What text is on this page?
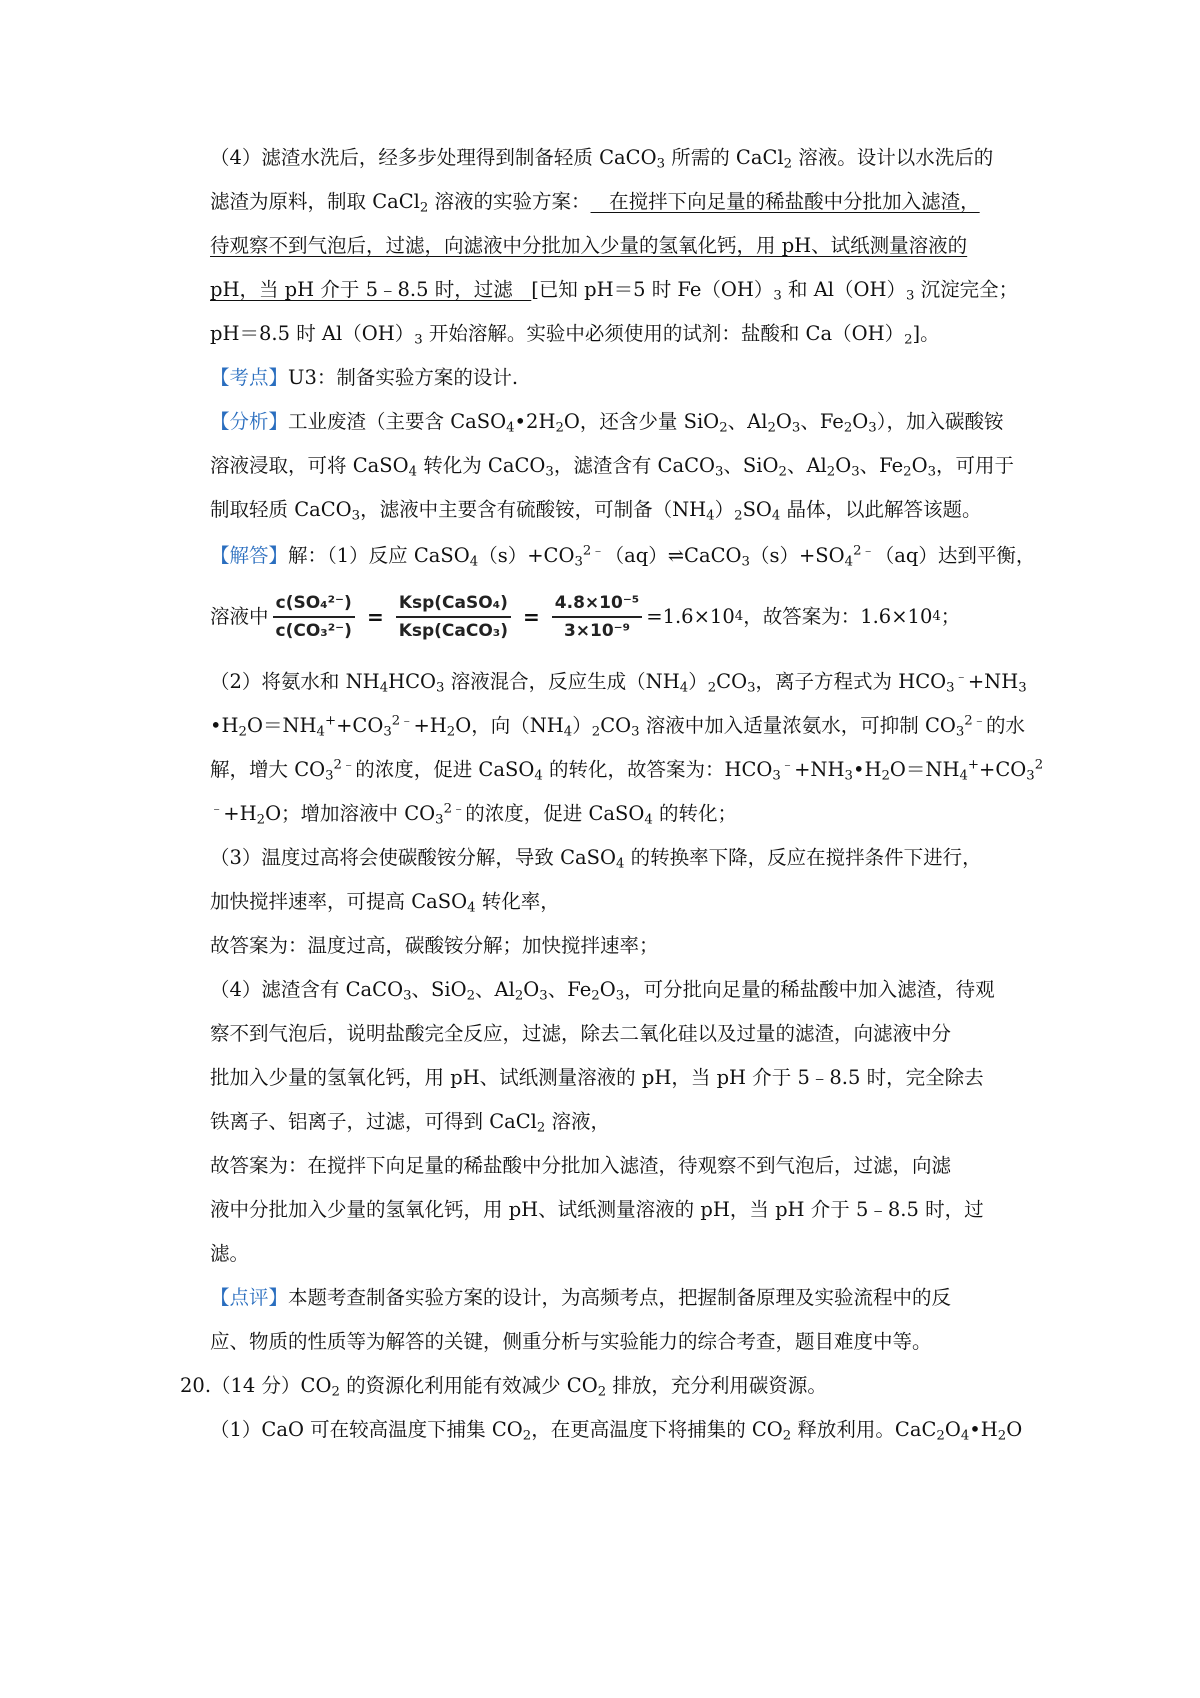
（4）滤渣水洗后，经多步处理得到制备轻质 CaCO$_3$ 所需的 CaCl$_2$ 溶液。设计以水洗后的
滤渣为原料，制取 CaCl$_2$ 溶液的实验方案：   在搅拌下向足量的稀盐酸中分批加入滤渣，
待观察不到气泡后，过滤，向滤液中分批加入少量的氢氧化钙，用 pH、试纸测量溶液的
pH，当 pH 介于 5﹣8.5 时，过滤   [已知 pH＝5 时 $Fe(OH)_3$ 和 $Al(OH)_3$ 沉淀完全；
pH＝8.5 时 $Al(OH)_3$ 开始溶解。实验中必须使用的试剂：盐酸和 $Ca(OH)_2$]。
【考点】U3：制备实验方案的设计.
【分析】工业废渣（主要含 $CaSO_4•2H_2O$，还含少量 SiO$_2$、$Al_2O_3$、$Fe_2O_3$），加入碳酸铵
溶液浸取，可将 CaSO$_4$ 转化为 CaCO$_3$，滤渣含有 CaCO$_3$、SiO$_2$、$Al_2O_3$、$Fe_2O_3$，可用于
制取轻质 CaCO$_3$，滤液中主要含有硫酸铵，可制备$(NH_4)_2SO_4$ 晶体，以此解答该题。
【解答】解：（1）反应 $CaSO_4(s)+CO_3^{2﹣}(aq)\rightleftharpoons CaCO_3(s)+SO_4^{2﹣}(aq)$达到平衡，
溶液中 $\frac{\text{c(SO₄²⁻)}}{\text{c(CO₃²⁻)}} = \frac{\text{Ksp(CaSO₄)}}{\text{Ksp(CaCO₃)}} = \frac{\text{4.8×10⁻⁵}}{\text{3×10⁻⁹}} =1.6\times 10$ 4 ，故答案为：1.6×10 4 ；
（2）将氨水和 $NH_4HCO_3$ 溶液混合，反应生成$(NH_4)_2CO_3$，离子方程式为 $HCO_3^﹣+NH_3$
$•H_2O=NH_4^++CO_3^{2﹣}+H_2O$，向$(NH_4)_2CO_3$ 溶液中加入适量浓氨水，可抑制 $CO_3^{2﹣}$的水
解，增大 $CO_3^{2﹣}$的浓度，促进 CaSO$_4$ 的转化，故答案为：$HCO_3^﹣+NH_3•H_2O=NH_4^++CO_3^2$
$^﹣+H_2O$；增加溶液中 $CO_3^{2﹣}$的浓度，促进 CaSO$_4$ 的转化；
（3）温度过高将会使碳酸铵分解，导致 CaSO$_4$ 的转换率下降，反应在搅拌条件下进行，
加快搅拌速率，可提高 CaSO$_4$ 转化率，
故答案为：温度过高，碳酸铵分解；加快搅拌速率；
（4）滤渣含有 CaCO$_3$、SiO$_2$、$Al_2O_3$、$Fe_2O_3$，可分批向足量的稀盐酸中加入滤渣，待观
察不到气泡后，说明盐酸完全反应，过滤，除去二氧化硅以及过量的滤渣，向滤液中分
批加入少量的氢氧化钙，用 pH、试纸测量溶液的 pH，当 pH 介于 5﹣8.5 时，完全除去
铁离子、铝离子，过滤，可得到 CaCl$_2$ 溶液，
故答案为：在搅拌下向足量的稀盐酸中分批加入滤渣，待观察不到气泡后，过滤，向滤
液中分批加入少量的氢氧化钙，用 pH、试纸测量溶液的 pH，当 pH 介于 5﹣8.5 时，过
滤。
【点评】本题考查制备实验方案的设计，为高频考点，把握制备原理及实验流程中的反
应、物质的性质等为解答的关键，侧重分析与实验能力的综合考查，题目难度中等。
20.（14 分）$CO_2$ 的资源化利用能有效减少 $CO_2$ 排放，充分利用碳资源。
（1）CaO 可在较高温度下捕集 $CO_2$，在更高温度下将捕集的 $CO_2$ 释放利用。$CaC_2O_4•H_2O$
